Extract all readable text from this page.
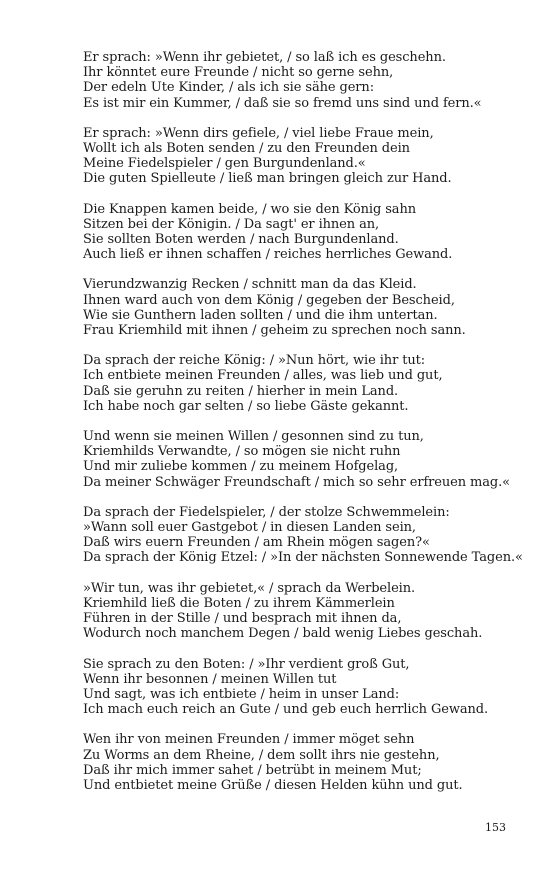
Er sprach: »Wenn ihr gebietet, / so laß ich es geschehn.
Ihr könntet eure Freunde / nicht so gerne sehn,
Der edeln Ute Kinder, / als ich sie sähe gern:
Es ist mir ein Kummer, / daß sie so fremd uns sind und fern.«
Er sprach: »Wenn dirs gefiele, / viel liebe Fraue mein,
Wollt ich als Boten senden / zu den Freunden dein
Meine Fiedelspieler / gen Burgundenland.«
Die guten Spielleute / ließ man bringen gleich zur Hand.
Die Knappen kamen beide, / wo sie den König sahn
Sitzen bei der Königin. / Da sagt' er ihnen an,
Sie sollten Boten werden / nach Burgundenland.
Auch ließ er ihnen schaffen / reiches herrliches Gewand.
Vierundzwanzig Recken / schnitt man da das Kleid.
Ihnen ward auch von dem König / gegeben der Bescheid,
Wie sie Gunthern laden sollten / und die ihm untertan.
Frau Kriemhild mit ihnen / geheim zu sprechen noch sann.
Da sprach der reiche König: / »Nun hört, wie ihr tut:
Ich entbiete meinen Freunden / alles, was lieb und gut,
Daß sie geruhn zu reiten / hierher in mein Land.
Ich habe noch gar selten / so liebe Gäste gekannt.
Und wenn sie meinen Willen / gesonnen sind zu tun,
Kriemhilds Verwandte, / so mögen sie nicht ruhn
Und mir zuliebe kommen / zu meinem Hofgelag,
Da meiner Schwäger Freundschaft / mich so sehr erfreuen mag.«
Da sprach der Fiedelspieler, / der stolze Schwemmelein:
»Wann soll euer Gastgebot / in diesen Landen sein,
Daß wirs euern Freunden / am Rhein mögen sagen?«
Da sprach der König Etzel: / »In der nächsten Sonnewende Tagen.«
»Wir tun, was ihr gebietet,« / sprach da Werbelein.
Kriemhild ließ die Boten / zu ihrem Kämmerlein
Führen in der Stille / und besprach mit ihnen da,
Wodurch noch manchem Degen / bald wenig Liebes geschah.
Sie sprach zu den Boten: / »Ihr verdient groß Gut,
Wenn ihr besonnen / meinen Willen tut
Und sagt, was ich entbiete / heim in unser Land:
Ich mach euch reich an Gute / und geb euch herrlich Gewand.
Wen ihr von meinen Freunden / immer möget sehn
Zu Worms an dem Rheine, / dem sollt ihrs nie gestehn,
Daß ihr mich immer sahet / betrübt in meinem Mut;
Und entbietet meine Grüße / diesen Helden kühn und gut.
153
